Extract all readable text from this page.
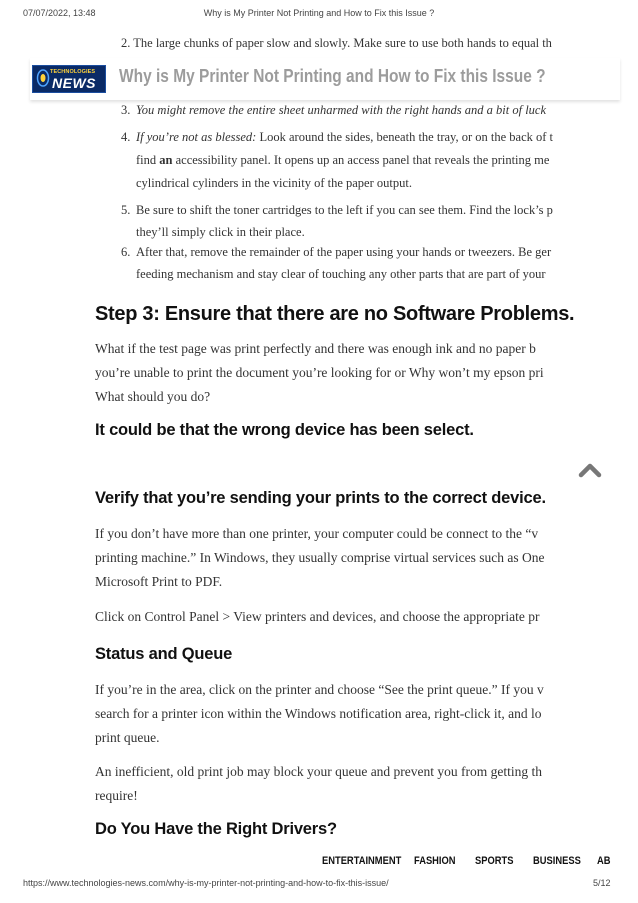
07/07/2022, 13:48	Why is My Printer Not Printing and How to Fix this Issue ?
2. The large chunks of paper slow and slowly. Make sure to use both hands to equal th
TECHNOLOGIES
NEWS Why is My Printer Not Printing and How to Fix this Issue ?
3. You might remove the entire sheet unharmed with the right hands and a bit of luck
4. If you’re not as blessed: Look around the sides, beneath the tray, or on the back of t
find an accessibility panel. It opens up an access panel that reveals the printing me
cylindrical cylinders in the vicinity of the paper output.
5. Be sure to shift the toner cartridges to the left if you can see them. Find the lock’s p
they’ll simply click in their place.
6. After that, remove the remainder of the paper using your hands or tweezers. Be ger
feeding mechanism and stay clear of touching any other parts that are part of your
Step 3: Ensure that there are no Software Problems.
What if the test page was print perfectly and there was enough ink and no paper b
you’re unable to print the document you’re looking for or Why won’t my epson pri
What should you do?
It could be that the wrong device has been select.
Verify that you’re sending your prints to the correct device.
If you don’t have more than one printer, your computer could be connect to the “v
printing machine.” In Windows, they usually comprise virtual services such as One
Microsoft Print to PDF.
Click on Control Panel > View printers and devices, and choose the appropriate pr
Status and Queue
If you’re in the area, click on the printer and choose “See the print queue.” If you v
search for a printer icon within the Windows notification area, right-click it, and lo
print queue.
An inefficient, old print job may block your queue and prevent you from getting th
require!
Do You Have the Right Drivers?
ENTERTAINMENT FASHION SPORTS BUSINESS AB
https://www.technologies-news.com/why-is-my-printer-not-printing-and-how-to-fix-this-issue/	5/12
